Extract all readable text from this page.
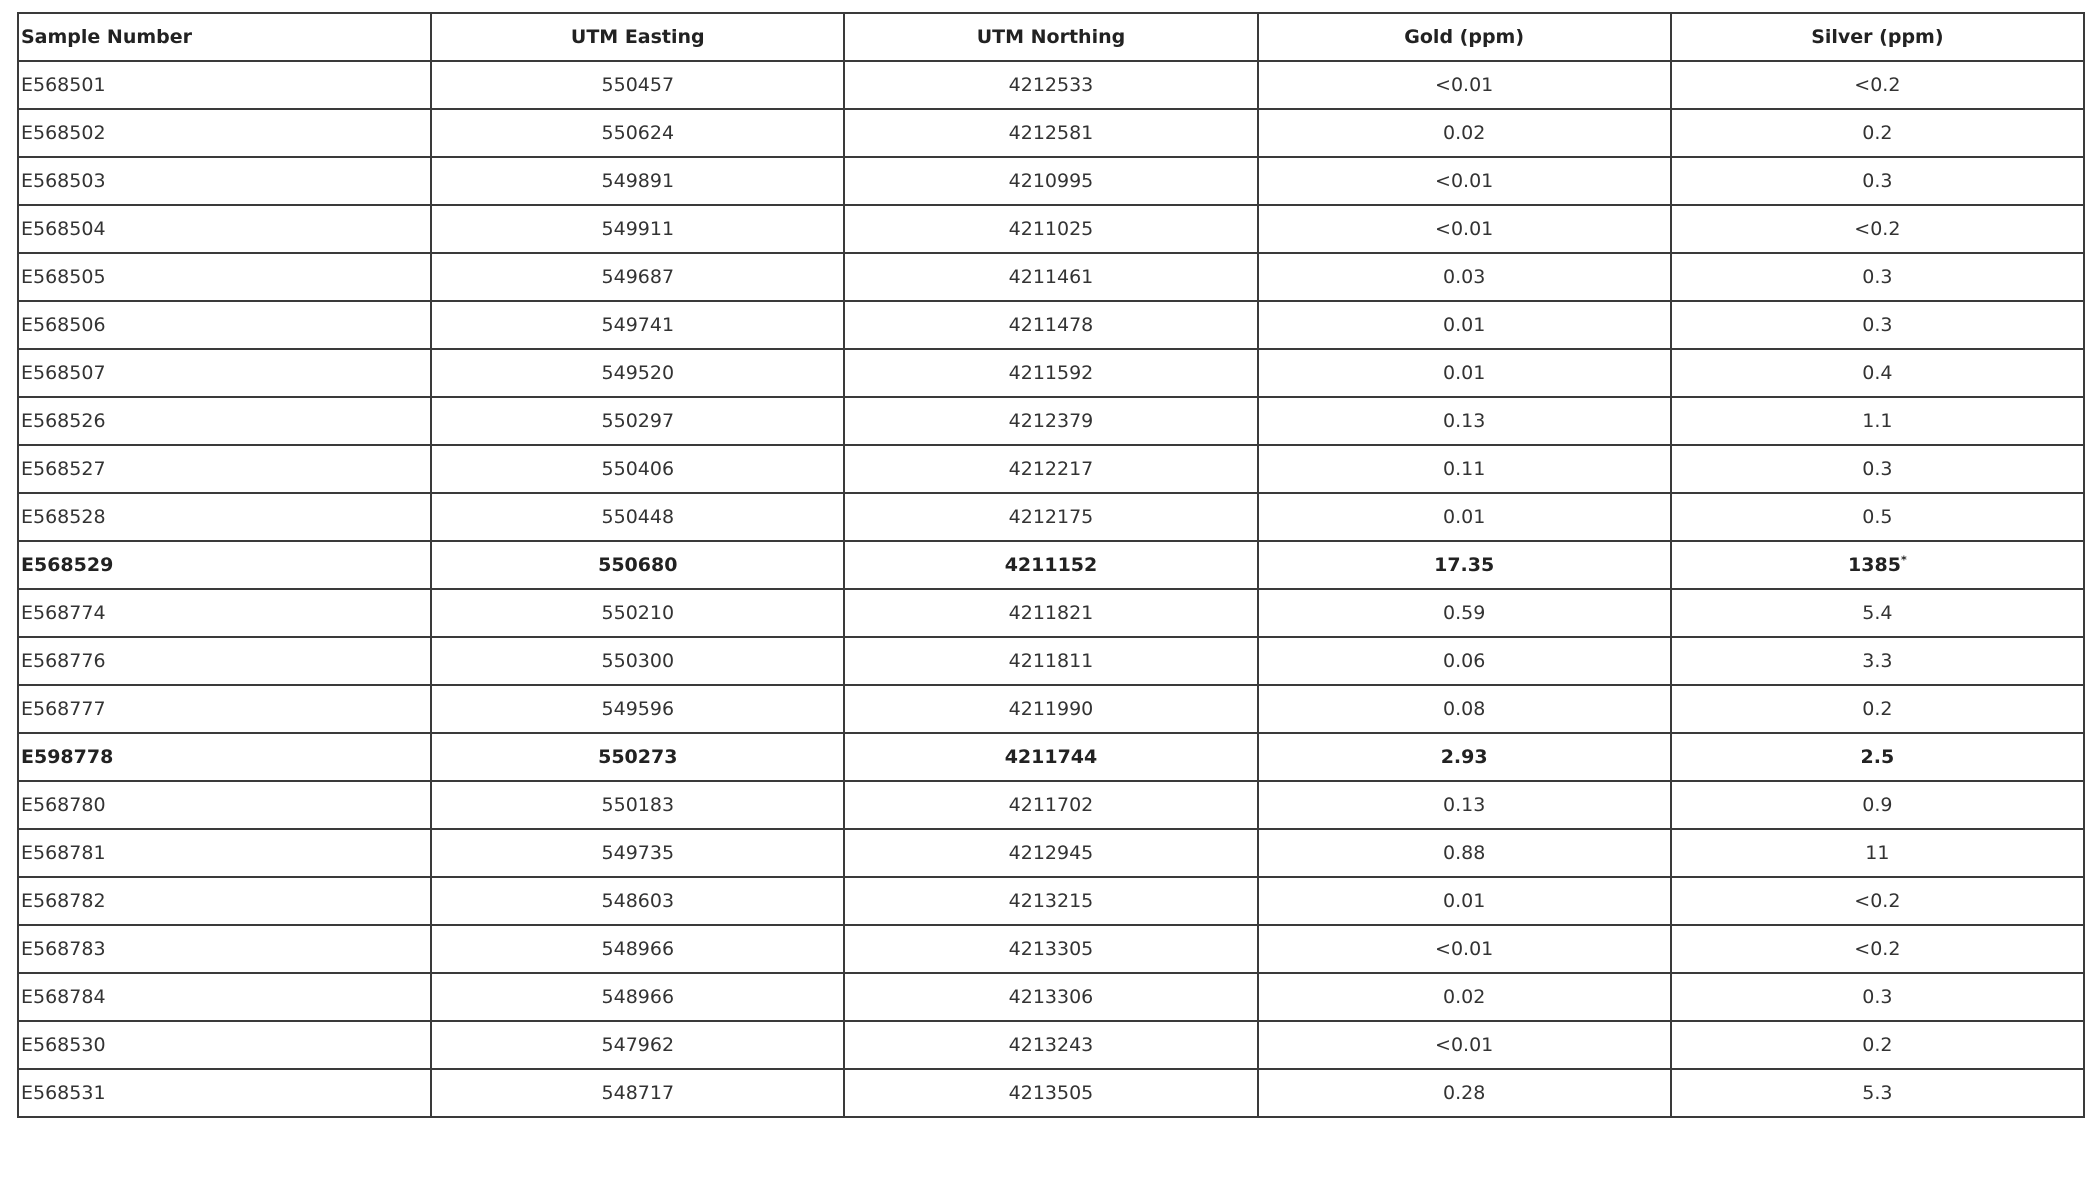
Sample Number	UTM Easting	UTM Northing	Gold (ppm)	Silver (ppm)
E568501	550457	4212533	<0.01	<0.2
E568502	550624	4212581	0.02	0.2
E568503	549891	4210995	<0.01	0.3
E568504	549911	4211025	<0.01	<0.2
E568505	549687	4211461	0.03	0.3
E568506	549741	4211478	0.01	0.3
E568507	549520	4211592	0.01	0.4
E568526	550297	4212379	0.13	1.1
E568527	550406	4212217	0.11	0.3
E568528	550448	4212175	0.01	0.5
E568529	550680	4211152	17.35	1385*
E568774	550210	4211821	0.59	5.4
E568776	550300	4211811	0.06	3.3
E568777	549596	4211990	0.08	0.2
E598778	550273	4211744	2.93	2.5
E568780	550183	4211702	0.13	0.9
E568781	549735	4212945	0.88	11
E568782	548603	4213215	0.01	<0.2
E568783	548966	4213305	<0.01	<0.2
E568784	548966	4213306	0.02	0.3
E568530	547962	4213243	<0.01	0.2
E568531	548717	4213505	0.28	5.3
